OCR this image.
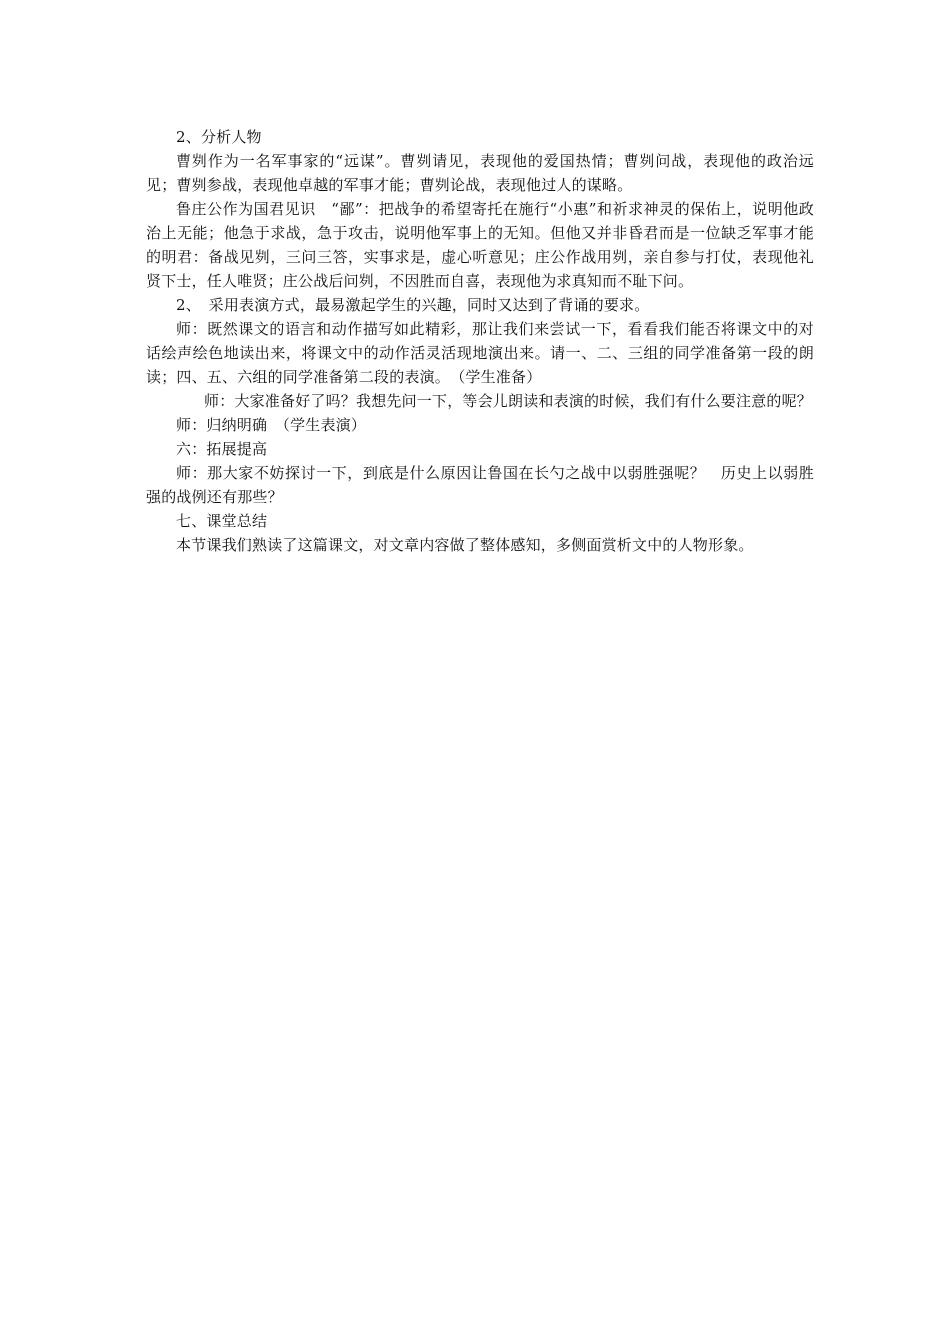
2、分析人物

曹刿作为一名军事家的“远谋”。曹刿请见，表现他的爱国热情；曹刿问战，表现他的政治远见；曹刿参战，表现他卓越的军事才能；曹刿论战，表现他过人的谋略。

鲁庄公作为国君见识　“鄙”：把战争的希望寄托在施行“小惠”和祈求神灵的保佑上，说明他政治上无能；他急于求战，急于攻击，说明他军事上的无知。但他又并非昏君而是一位缺乏军事才能的明君：备战见刿，三问三答，实事求是，虚心听意见；庄公作战用刿，亲自参与打仗，表现他礼贤下士，任人唯贤；庄公战后问刿，不因胜而自喜，表现他为求真知而不耻下问。

2、　采用表演方式，最易激起学生的兴趣，同时又达到了背诵的要求。

师：既然课文的语言和动作描写如此精彩，那让我们来尝试一下，看看我们能否将课文中的对话绘声绘色地读出来，将课文中的动作活灵活现地演出来。请一、二、三组的同学准备第一段的朗读；四、五、六组的同学准备第二段的表演。　（学生准备）

师：大家准备好了吗？我想先问一下，等会儿朗读和表演的时候，我们有什么要注意的呢？

师：归纳明确　（学生表演）

六：拓展提高

师：那大家不妨探讨一下，到底是什么原因让鲁国在长勺之战中以弱胜强呢？　历史上以弱胜强的战例还有那些？

七、课堂总结

本节课我们熟读了这篇课文，对文章内容做了整体感知，多侧面赏析文中的人物形象。
